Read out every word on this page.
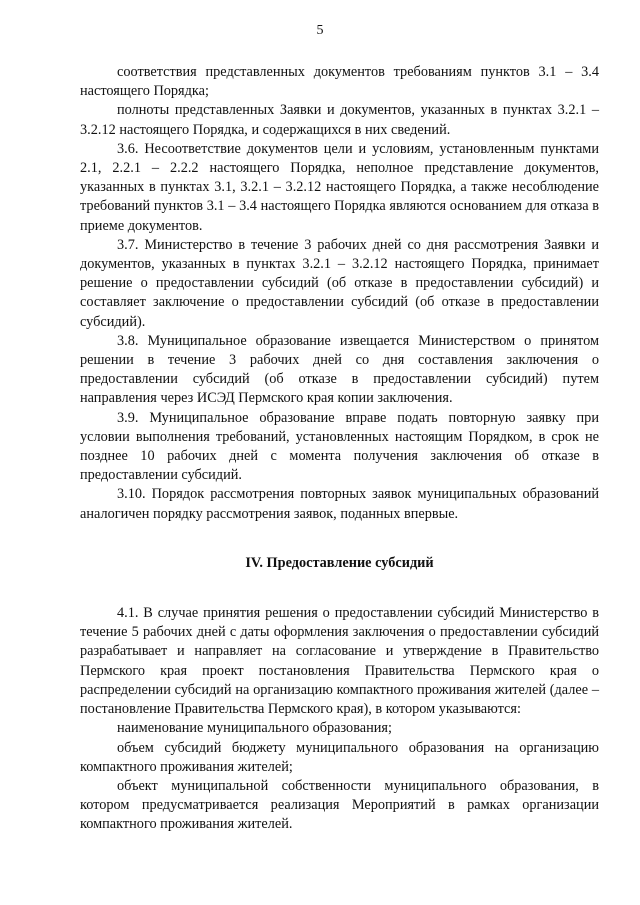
5

соответствия представленных документов требованиям пунктов 3.1 – 3.4 настоящего Порядка;

полноты представленных Заявки и документов, указанных в пунктах 3.2.1 – 3.2.12 настоящего Порядка, и содержащихся в них сведений.

3.6. Несоответствие документов цели и условиям, установленным пунктами 2.1, 2.2.1 – 2.2.2 настоящего Порядка, неполное представление документов, указанных в пунктах 3.1, 3.2.1 – 3.2.12 настоящего Порядка, а также несоблюдение требований пунктов 3.1 – 3.4 настоящего Порядка являются основанием для отказа в приеме документов.

3.7. Министерство в течение 3 рабочих дней со дня рассмотрения Заявки и документов, указанных в пунктах 3.2.1 – 3.2.12 настоящего Порядка, принимает решение о предоставлении субсидий (об отказе в предоставлении субсидий) и составляет заключение о предоставлении субсидий (об отказе в предоставлении субсидий).

3.8. Муниципальное образование извещается Министерством о принятом решении в течение 3 рабочих дней со дня составления заключения о предоставлении субсидий (об отказе в предоставлении субсидий) путем направления через ИСЭД Пермского края копии заключения.

3.9. Муниципальное образование вправе подать повторную заявку при условии выполнения требований, установленных настоящим Порядком, в срок не позднее 10 рабочих дней с момента получения заключения об отказе в предоставлении субсидий.

3.10. Порядок рассмотрения повторных заявок муниципальных образований аналогичен порядку рассмотрения заявок, поданных впервые.

IV. Предоставление субсидий

4.1. В случае принятия решения о предоставлении субсидий Министерство в течение 5 рабочих дней с даты оформления заключения о предоставлении субсидий разрабатывает и направляет на согласование и утверждение в Правительство Пермского края проект постановления Правительства Пермского края о распределении субсидий на организацию компактного проживания жителей (далее – постановление Правительства Пермского края), в котором указываются:

наименование муниципального образования;

объем субсидий бюджету муниципального образования на организацию компактного проживания жителей;

объект муниципальной собственности муниципального образования, в котором предусматривается реализация Мероприятий в рамках организации компактного проживания жителей.
